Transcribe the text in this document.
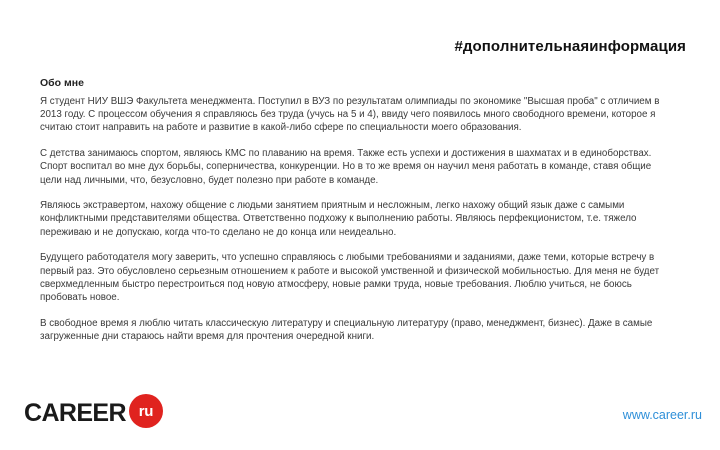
#дополнительнаяинформация
Обо мне

Я студент НИУ ВШЭ Факультета менеджмента. Поступил в ВУЗ по результатам олимпиады по экономике "Высшая проба" с отличием в 2013 году. С процессом обучения я справляюсь без труда (учусь на 5 и 4), ввиду чего появилось много свободного времени, которое я считаю стоит направить на работе и развитие в какой-либо сфере по специальности моего образования.

С детства занимаюсь спортом, являюсь КМС по плаванию на время. Также есть успехи и достижения в шахматах и в единоборствах. Спорт воспитал во мне дух борьбы, соперничества, конкуренции. Но в то же время он научил меня работать в команде, ставя общие цели над личными, что, безусловно, будет полезно при работе в команде.

Являюсь экстравертом, нахожу общение с людьми занятием приятным и несложным, легко нахожу общий язык даже с самыми конфликтными представителями общества. Ответственно подхожу к выполнению работы. Являюсь перфекционистом, т.е. тяжело переживаю и не допускаю, когда что-то сделано не до конца или неидеально.

Будущего работодателя могу заверить, что успешно справляюсь с любыми требованиями и заданиями, даже теми, которые встречу в первый раз. Это обусловлено серьезным отношением к работе и высокой умственной и физической мобильностью. Для меня не будет сверхмедленным быстро перестроиться под новую атмосферу, новые рамки труда, новые требования. Люблю учиться, не боюсь пробовать новое.

В свободное время я люблю читать классическую литературу и специальную литературу (право, менеджмент, бизнес). Даже в самые загруженные дни стараюсь найти время для прочтения очередной книги.

CAREER ru	www.career.ru
